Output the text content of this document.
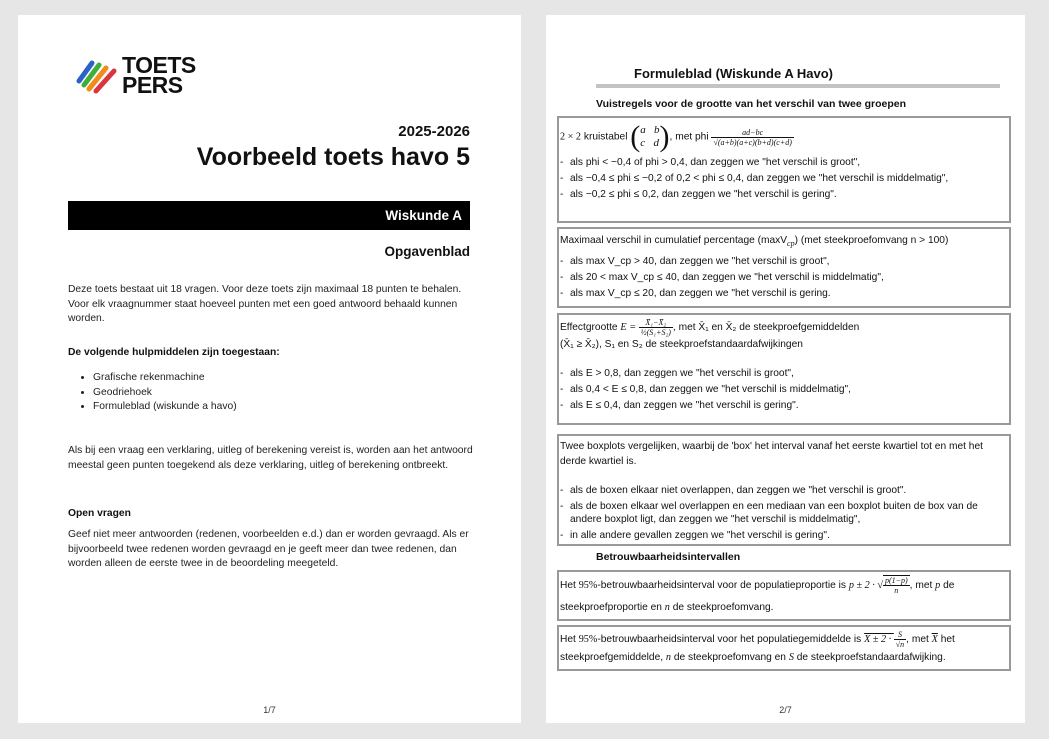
TOETS
PERS
2025-2026
Voorbeeld toets havo 5
Wiskunde A
Opgavenblad
Deze toets bestaat uit 18 vragen. Voor deze toets zijn maximaal 18 punten te behalen. Voor elk vraagnummer staat hoeveel punten met een goed antwoord behaald kunnen worden.
De volgende hulpmiddelen zijn toegestaan:
• Grafische rekenmachine
• Geodriehoek
• Formuleblad (wiskunde a havo)
Als bij een vraag een verklaring, uitleg of berekening vereist is, worden aan het antwoord meestal geen punten toegekend als deze verklaring, uitleg of berekening ontbreekt.
Open vragen
Geef niet meer antwoorden (redenen, voorbeelden e.d.) dan er worden gevraagd. Als er bijvoorbeeld twee redenen worden gevraagd en je geeft meer dan twee redenen, dan worden alleen de eerste twee in de beoordeling meegeteld.
1/7
Formuleblad (Wiskunde A Havo)
Vuistregels voor de grootte van het verschil van twee groepen
2 × 2 kruistabel (a b
c d), met phi $\frac{ad-bc}{√(a+b)(a+c)(b+d)(c+d)}$
- als phi < −0,4 of phi > 0,4, dan zeggen we "het verschil is groot",
- als −0,4 ≤ phi ≤ −0,2 of 0,2 < phi ≤ 0,4, dan zeggen we "het verschil is middelmatig",
- als −0,2 ≤ phi ≤ 0,2, dan zeggen we "het verschil is gering".
Maximaal verschil in cumulatief percentage (maxV$_{cp}$) (met steekproefomvang n > 100)
- als max V_cp > 40, dan zeggen we "het verschil is groot",
- als 20 < max V_cp ≤ 40, dan zeggen we "het verschil is middelmatig",
- als max V_cp ≤ 20, dan zeggen we "het verschil is gering.
Effectgrootte $E = \frac{\text{X̄₁−X̄₂}}{\text{½(S₁+S₂)}}$ , met X̄₁ en X̄₂ de steekproefgemiddelden
(X̄₁ ≥ X̄₂), S₁ en S₂ de steekproefstandaardafwijkingen
- als E > 0,8, dan zeggen we "het verschil is groot",
- als 0,4 < E ≤ 0,8, dan zeggen we "het verschil is middelmatig",
- als E ≤ 0,4, dan zeggen we "het verschil is gering".
Twee boxplots vergelijken, waarbij de 'box' het interval vanaf het eerste kwartiel tot en met het derde kwartiel is.
- als de boxen elkaar niet overlappen, dan zeggen we "het verschil is groot".
- als de boxen elkaar wel overlappen en een mediaan van een boxplot buiten de box van de andere boxplot ligt, dan zeggen we "het verschil is middelmatig",
- in alle andere gevallen zeggen we "het verschil is gering".
Betrouwbaarheidsintervallen
Het 95%-betrouwbaarheidsinterval voor de populatieproportie is p ± 2 · √ $\frac{p(1-p)}{n}$ , met p de steekproefproportie en n de steekproefomvang.
Het 95%-betrouwbaarheidsinterval voor het populatiegemiddelde is $X \pm 2 \cdot \frac{S}{√n}$ , met $\overline{X}$ het steekproefgemiddelde, n de steekproefomvang en S de steekproefstandaardafwijking.
2/7
